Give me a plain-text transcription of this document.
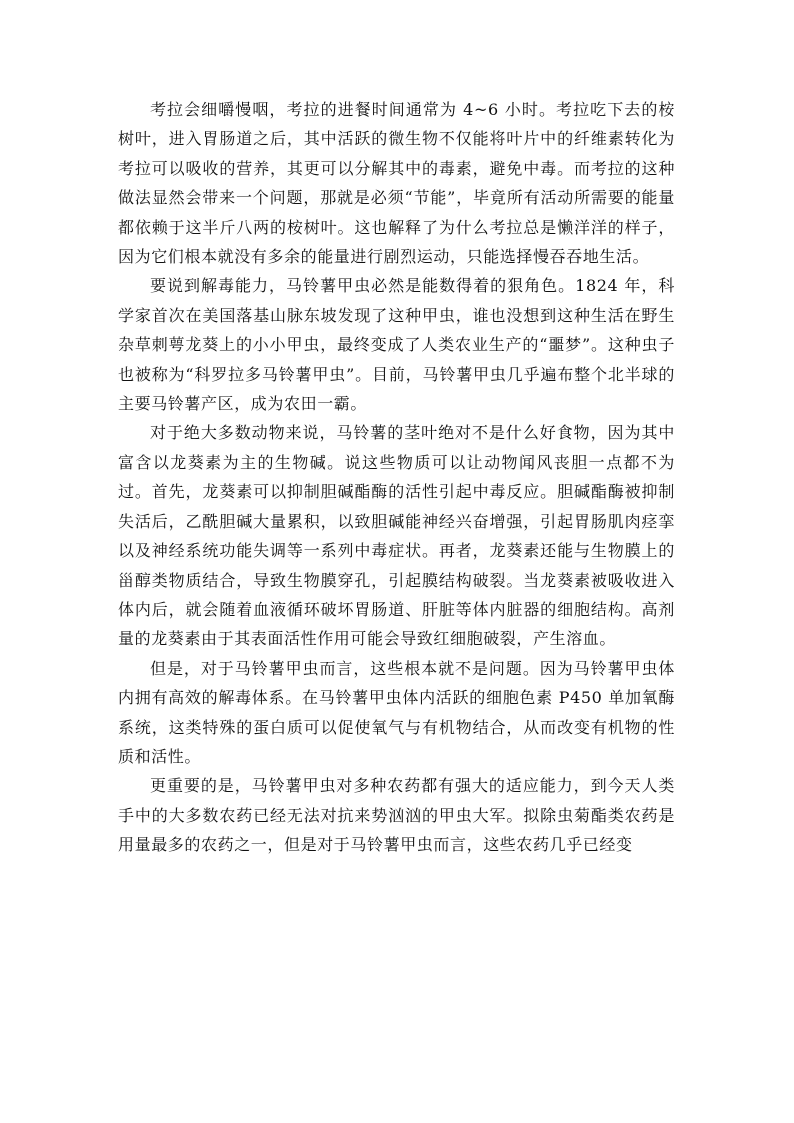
考拉会细嚼慢咽，考拉的进餐时间通常为 4~6 小时。考拉吃下去的桉树叶，进入胃肠道之后，其中活跃的微生物不仅能将叶片中的纤维素转化为考拉可以吸收的营养，其更可以分解其中的毒素，避免中毒。而考拉的这种做法显然会带来一个问题，那就是必须“节能”，毕竟所有活动所需要的能量都依赖于这半斤八两的桉树叶。这也解释了为什么考拉总是懒洋洋的样子，因为它们根本就没有多余的能量进行剧烈运动，只能选择慢吞吞地生活。

要说到解毒能力，马铃薯甲虫必然是能数得着的狠角色。1824 年，科学家首次在美国落基山脉东坡发现了这种甲虫，谁也没想到这种生活在野生杂草刺萼龙葵上的小小甲虫，最终变成了人类农业生产的“噩梦”。这种虫子也被称为“科罗拉多马铃薯甲虫”。目前，马铃薯甲虫几乎遍布整个北半球的主要马铃薯产区，成为农田一霸。

对于绝大多数动物来说，马铃薯的茎叶绝对不是什么好食物，因为其中富含以龙葵素为主的生物碱。说这些物质可以让动物闻风丧胆一点都不为过。首先，龙葵素可以抑制胆碱酯酶的活性引起中毒反应。胆碱酯酶被抑制失活后，乙酰胆碱大量累积，以致胆碱能神经兴奋增强，引起胃肠肌肉痉挛以及神经系统功能失调等一系列中毒症状。再者，龙葵素还能与生物膜上的甾醇类物质结合，导致生物膜穿孔，引起膜结构破裂。当龙葵素被吸收进入体内后，就会随着血液循环破坏胃肠道、肝脏等体内脏器的细胞结构。高剂量的龙葵素由于其表面活性作用可能会导致红细胞破裂，产生溶血。

但是，对于马铃薯甲虫而言，这些根本就不是问题。因为马铃薯甲虫体内拥有高效的解毒体系。在马铃薯甲虫体内活跃的细胞色素 P450 单加氧酶系统，这类特殊的蛋白质可以促使氧气与有机物结合，从而改变有机物的性质和活性。

更重要的是，马铃薯甲虫对多种农药都有强大的适应能力，到今天人类手中的大多数农药已经无法对抗来势汹汹的甲虫大军。拟除虫菊酯类农药是用量最多的农药之一，但是对于马铃薯甲虫而言，这些农药几乎已经变
